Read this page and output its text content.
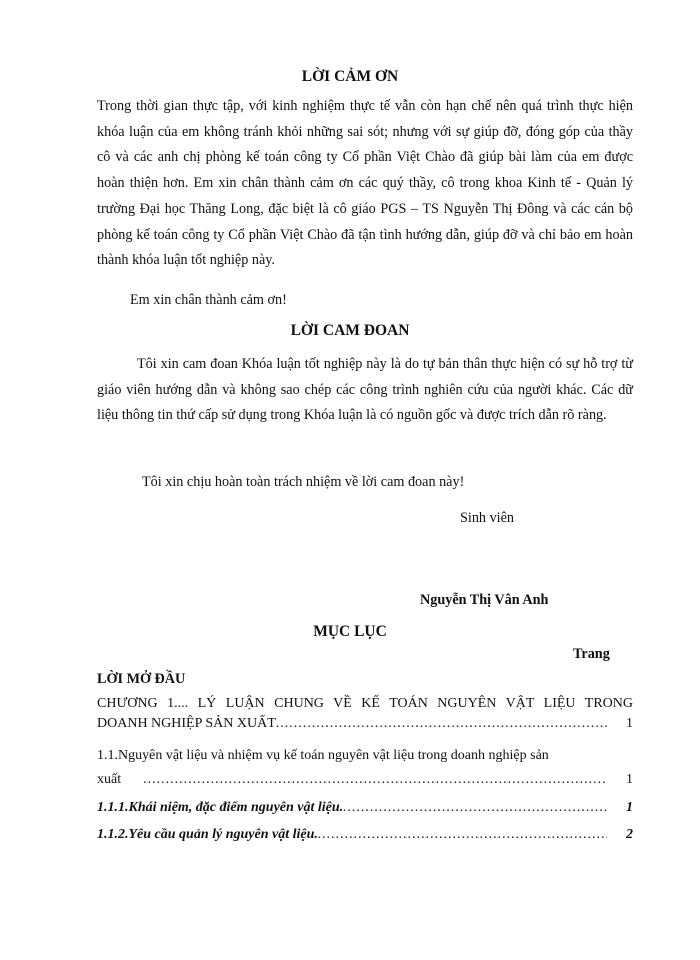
LỜI CẢM ƠN

Trong thời gian thực tập, với kinh nghiệm thực tế vẫn còn hạn chế nên quá trình thực hiện khóa luận của em không tránh khỏi những sai sót; nhưng với sự giúp đỡ, đóng góp của thầy cô và các anh chị phòng kế toán công ty Cổ phần Việt Chào đã giúp bài làm của em được hoàn thiện hơn. Em xin chân thành cảm ơn các quý thầy, cô trong khoa Kinh tế - Quản lý trường Đại học Thăng Long, đặc biệt là cô giáo PGS – TS Nguyễn Thị Đông và các cán bộ phòng kế toán công ty Cổ phần Việt Chào đã tận tình hướng dẫn, giúp đỡ và chỉ bảo em hoàn thành khóa luận tốt nghiệp này.

Em xin chân thành cảm ơn!

LỜI CAM ĐOAN

Tôi xin cam đoan Khóa luận tốt nghiệp này là do tự bản thân thực hiện có sự hỗ trợ từ giáo viên hướng dẫn và không sao chép các công trình nghiên cứu của người khác. Các dữ liệu thông tin thứ cấp sử dụng trong Khóa luận là có nguồn gốc và được trích dẫn rõ ràng.

Tôi xin chịu hoàn toàn trách nhiệm về lời cam đoan này!

Sinh viên

Nguyễn Thị Vân Anh

MỤC LỤC

Trang

LỜI MỞ ĐẦU

CHƯƠNG 1.... LÝ LUẬN CHUNG VỀ KẾ TOÁN NGUYÊN VẬT LIỆU TRONG
DOANH NGHIỆP SẢN XUẤT .....	1
1.1.Nguyên vật liệu và nhiệm vụ kế toán nguyên vật liệu trong doanh nghiệp sản
xuất .....	1
1.1.1.Khái niệm, đặc điểm nguyên vật liệu. .....	1
1.1.2.Yêu cầu quản lý nguyên vật liệu. .....	2
